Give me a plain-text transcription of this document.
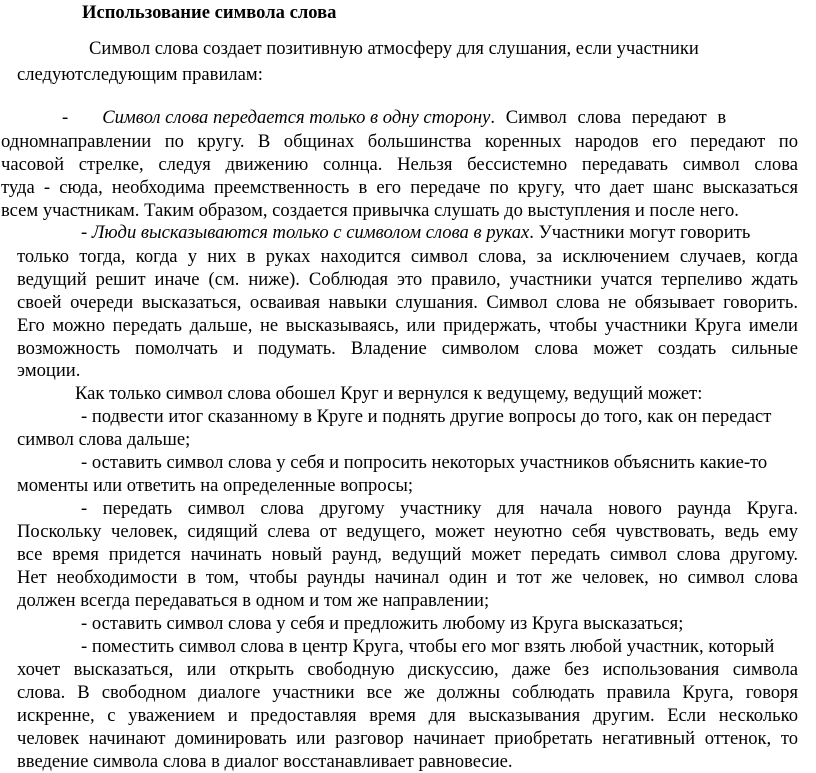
Использование символа слова
Символ слова создает позитивную атмосферу для слушания, если участники
следуютследующим правилам:
- Символ слова передается только в одну сторону. Символ слова передают в
одномнаправлении по кругу. В общинах большинства коренных народов его передают по
часовой стрелке, следуя движению солнца. Нельзя бессистемно передавать символ слова
туда - сюда, необходима преемственность в его передаче по кругу, что дает шанс высказаться
всем участникам. Таким образом, создается привычка слушать до выступления и после него.
- Люди высказываются только с символом слова в руках. Участники могут говорить
только тогда, когда у них в руках находится символ слова, за исключением случаев, когда
ведущий решит иначе (см. ниже). Соблюдая это правило, участники учатся терпеливо ждать
своей очереди высказаться, осваивая навыки слушания. Символ слова не обязывает говорить.
Его можно передать дальше, не высказываясь, или придержать, чтобы участники Круга имели
возможность помолчать и подумать. Владение символом слова может создать сильные
эмоции.
Как только символ слова обошел Круг и вернулся к ведущему, ведущий может:
- подвести итог сказанному в Круге и поднять другие вопросы до того, как он передаст
символ слова дальше;
- оставить символ слова у себя и попросить некоторых участников объяснить какие-то
моменты или ответить на определенные вопросы;
- передать символ слова другому участнику для начала нового раунда Круга.
Поскольку человек, сидящий слева от ведущего, может неуютно себя чувствовать, ведь ему
все время придется начинать новый раунд, ведущий может передать символ слова другому.
Нет необходимости в том, чтобы раунды начинал один и тот же человек, но символ слова
должен всегда передаваться в одном и том же направлении;
- оставить символ слова у себя и предложить любому из Круга высказаться;
- поместить символ слова в центр Круга, чтобы его мог взять любой участник, который
хочет высказаться, или открыть свободную дискуссию, даже без использования символа
слова. В свободном диалоге участники все же должны соблюдать правила Круга, говоря
искренне, с уважением и предоставляя время для высказывания другим. Если несколько
человек начинают доминировать или разговор начинает приобретать негативный оттенок, то
введение символа слова в диалог восстанавливает равновесие.
